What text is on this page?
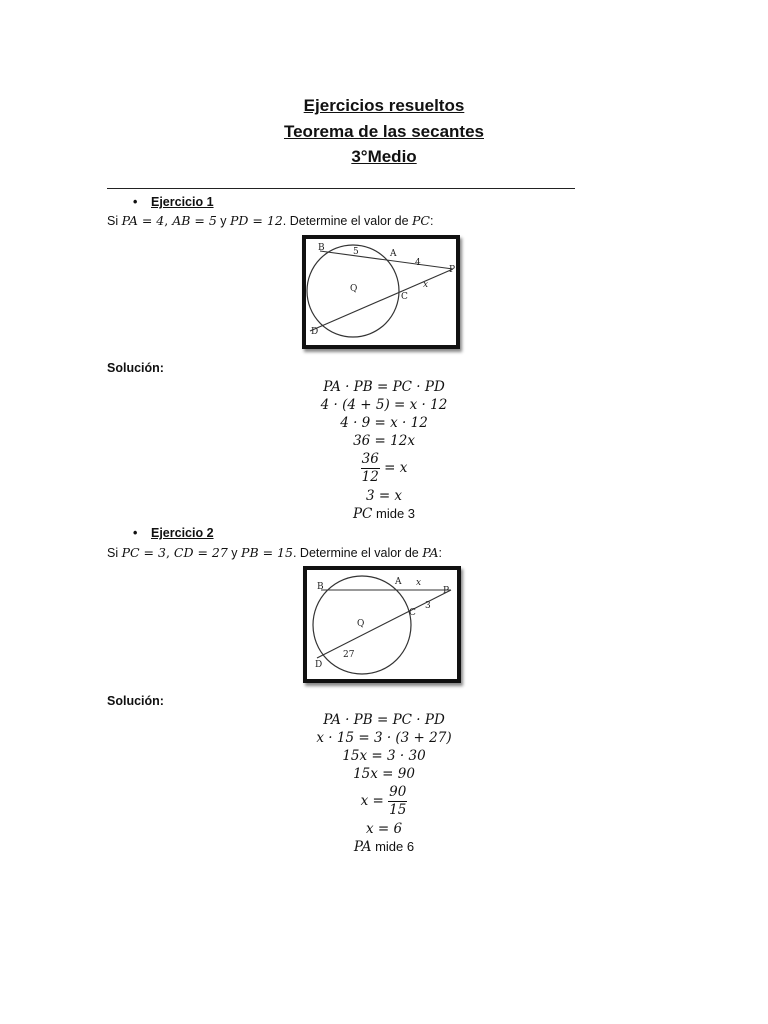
Ejercicios resueltos
Teorema de las secantes
3°Medio
• Ejercicio 1
Si PA = 4, AB = 5 y PD = 12. Determine el valor de PC:
B	5	A
4
P
Q
C
x
D
Solución:
PA · PB = PC · PD
4 · (4 + 5) = x · 12
4 · 9 = x · 12
36 = 12x
$\frac{36}{12} = x$
3 = x
PC mide 3
• Ejercicio 2
Si PC = 3, CD = 27 y PB = 15. Determine el valor de PA:
B	A x
P
C
3
Q
27
D
Solución:
PA · PB = PC · PD
x · 15 = 3 · (3 + 27)
15x = 3 · 30
15x = 90
$x = \frac{90}{15}$
x = 6
PA mide 6
